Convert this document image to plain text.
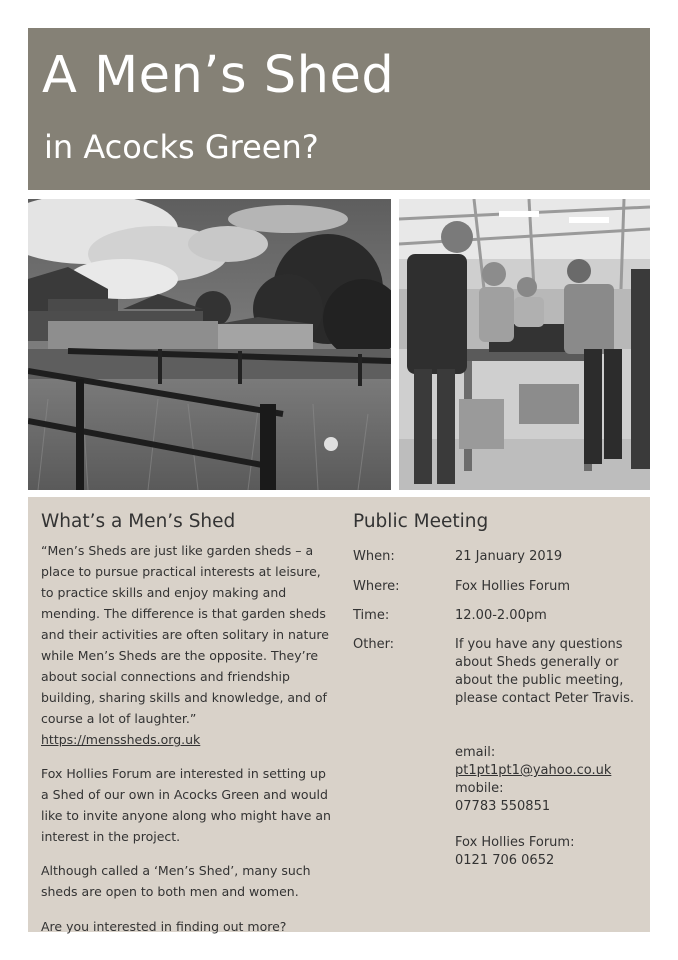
A Men’s Shed

in Acocks Green?

What’s a Men’s Shed

“Men’s Sheds are just like garden sheds – a place to pursue practical interests at leisure, to practice skills and enjoy making and mending. The difference is that garden sheds and their activities are often solitary in nature while Men’s Sheds are the opposite. They’re about social connections and friendship building, sharing skills and knowledge, and of course a lot of laughter.”

https://menssheds.org.uk

Fox Hollies Forum are interested in setting up a Shed of our own in Acocks Green and would like to invite anyone along who might have an interest in the project.

Although called a ‘Men’s Shed’, many such sheds are open to both men and women.

Are you interested in finding out more?

Public Meeting
When:	21 January 2019
Where:	Fox Hollies Forum
Time:	12.00-2.00pm
Other:	If you have any questions about Sheds generally or about the public meeting, please contact Peter Travis.
email:
pt1pt1pt1@yahoo.co.uk
mobile:
07783 550851
Fox Hollies Forum:
0121 706 0652
